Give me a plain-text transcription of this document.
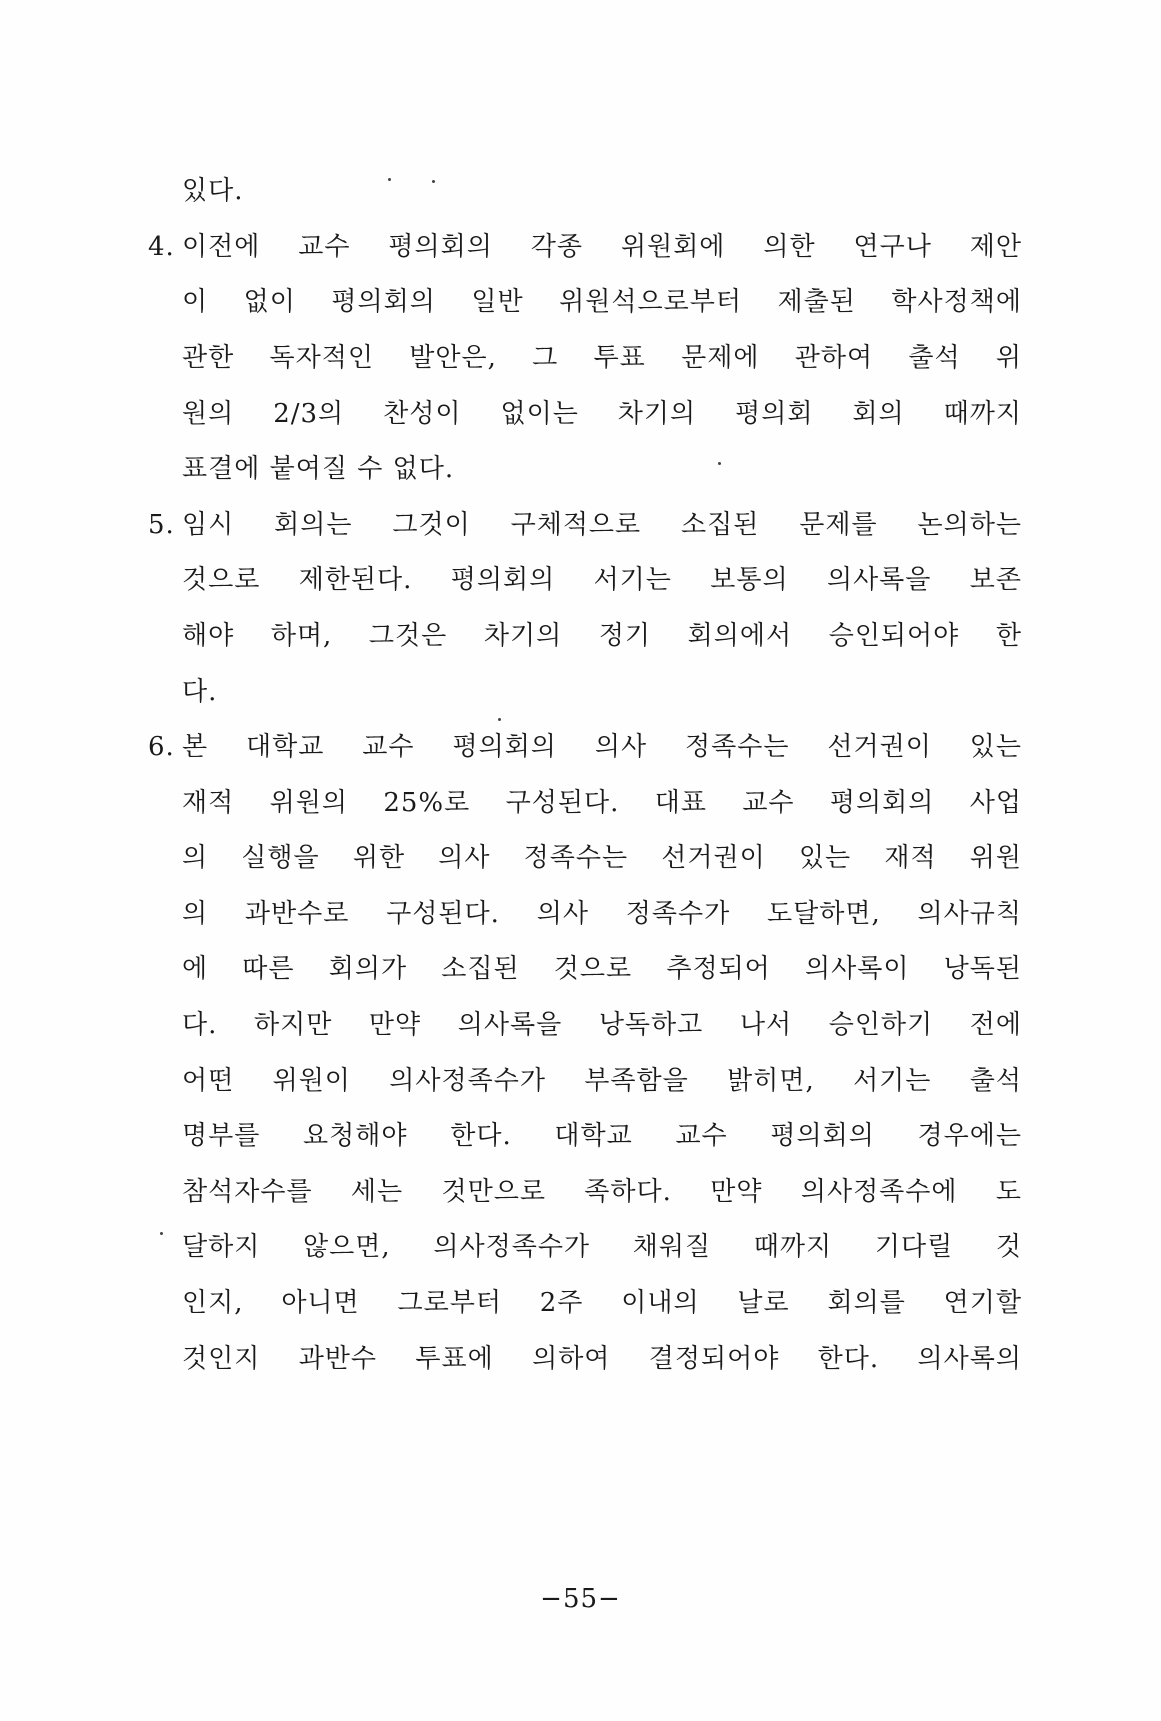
있다.
4. 이전에 교수 평의회의 각종 위원회에 의한 연구나 제안
이 없이 평의회의 일반 위원석으로부터 제출된 학사정책에
관한 독자적인 발안은, 그 투표 문제에 관하여 출석 위
원의 2/3의 찬성이 없이는 차기의 평의회 회의 때까지
표결에 붙여질 수 없다.
5. 임시 회의는 그것이 구체적으로 소집된 문제를 논의하는
것으로 제한된다. 평의회의 서기는 보통의 의사록을 보존
해야 하며, 그것은 차기의 정기 회의에서 승인되어야 한
다.
6. 본 대학교 교수 평의회의 의사 정족수는 선거권이 있는
재적 위원의 25%로 구성된다. 대표 교수 평의회의 사업
의 실행을 위한 의사 정족수는 선거권이 있는 재적 위원
의 과반수로 구성된다. 의사 정족수가 도달하면, 의사규칙
에 따른 회의가 소집된 것으로 추정되어 의사록이 낭독된
다. 하지만 만약 의사록을 낭독하고 나서 승인하기 전에
어떤 위원이 의사정족수가 부족함을 밝히면, 서기는 출석
명부를 요청해야 한다. 대학교 교수 평의회의 경우에는
참석자수를 세는 것만으로 족하다. 만약 의사정족수에 도
달하지 않으면, 의사정족수가 채워질 때까지 기다릴 것
인지, 아니면 그로부터 2주 이내의 날로 회의를 연기할
것인지 과반수 투표에 의하여 결정되어야 한다. 의사록의
−55−
